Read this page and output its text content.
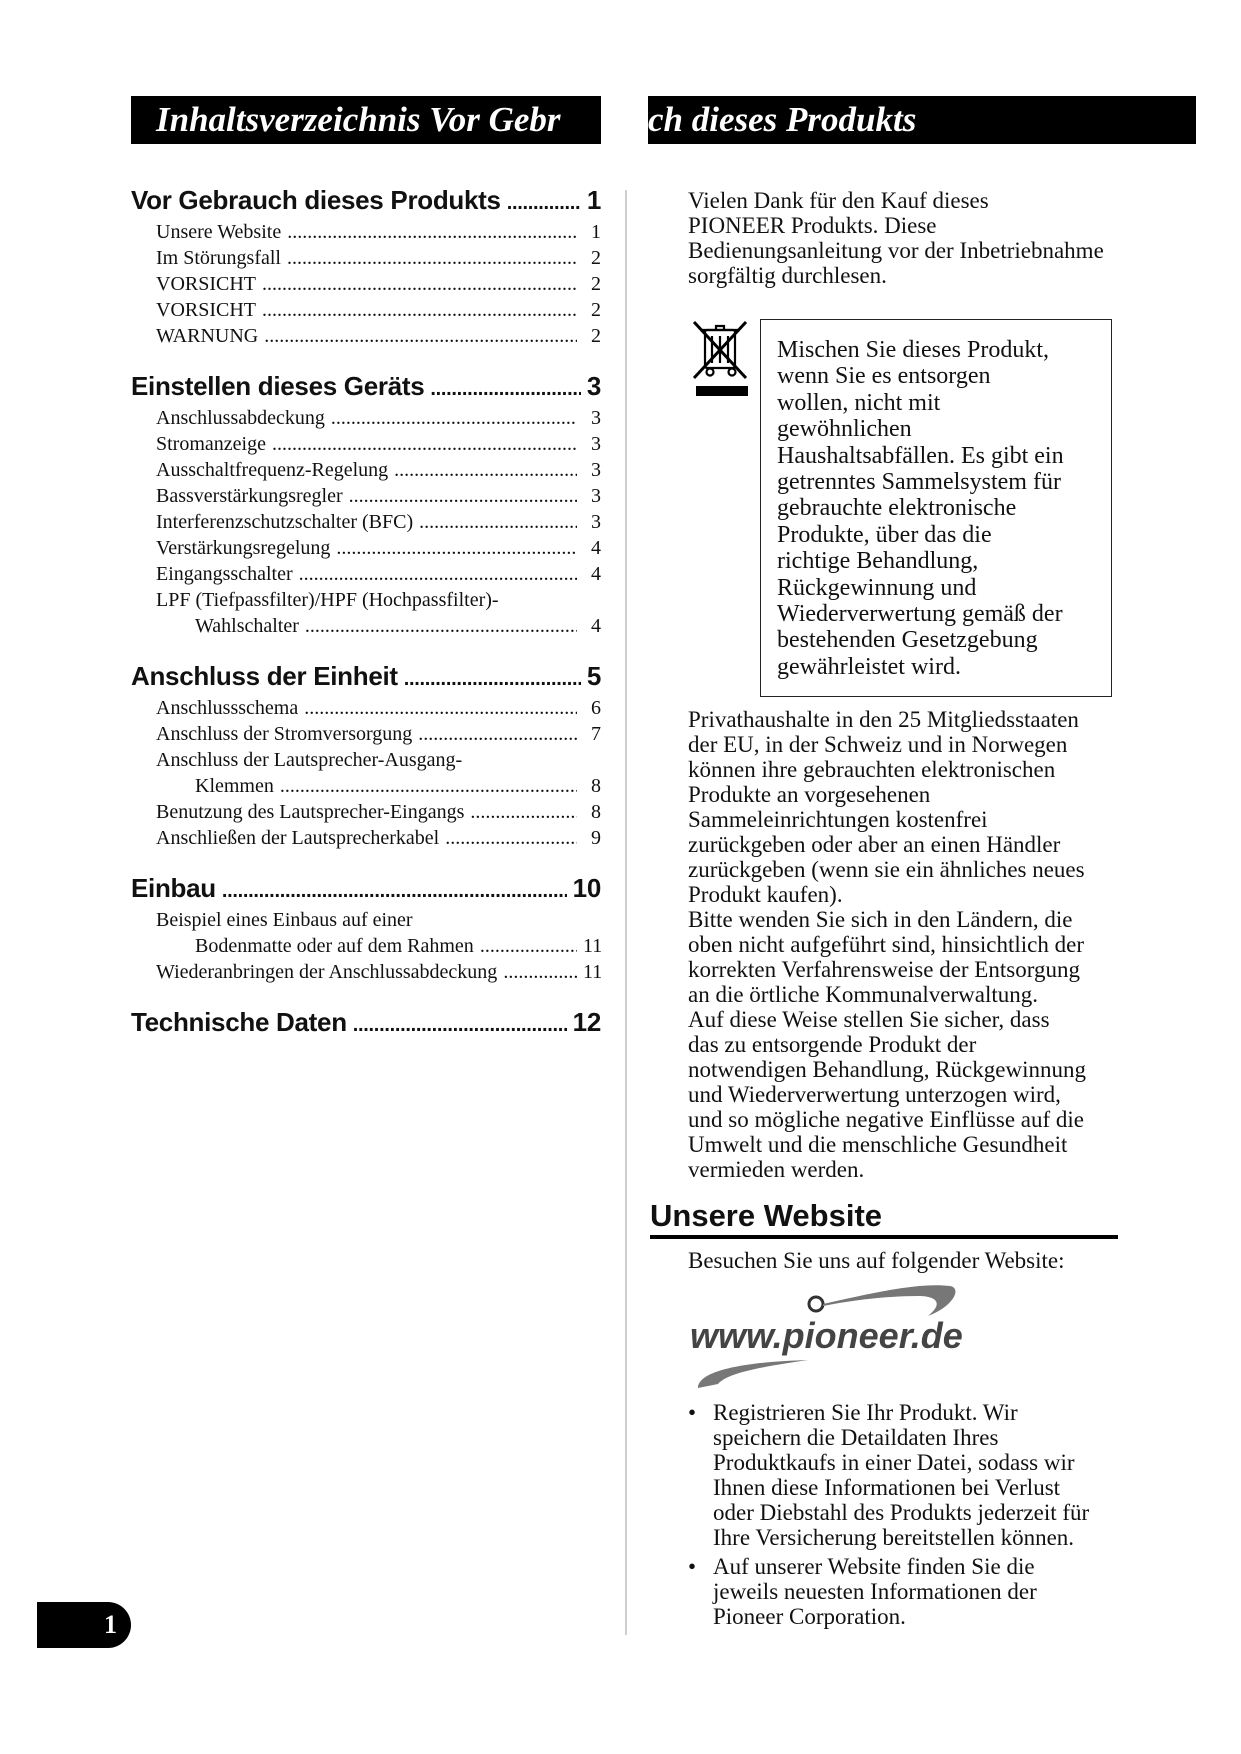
Inhaltsverzeichnis Vor Gebr	ch dieses Produkts
Vor Gebrauch dieses Produkts .....	1
Unsere Website .....	1
Im Störungsfall .....	2
VORSICHT .....	2
VORSICHT .....	2
WARNUNG .....	2
Einstellen dieses Geräts .....	3
Anschlussabdeckung .....	3
Stromanzeige .....	3
Ausschaltfrequenz-Regelung .....	3
Bassverstärkungsregler .....	3
Interferenzschutzschalter (BFC) .....	3
Verstärkungsregelung .....	4
Eingangsschalter .....	4
LPF (Tiefpassfilter)/HPF (Hochpassfilter)-
Wahlschalter .....	4
Anschluss der Einheit .....	5
Anschlussschema .....	6
Anschluss der Stromversorgung .....	7
Anschluss der Lautsprecher-Ausgang-
Klemmen .....	8
Benutzung des Lautsprecher-Eingangs .....	8
Anschließen der Lautsprecherkabel .....	9
Einbau .....	10
Beispiel eines Einbaus auf einer
Bodenmatte oder auf dem Rahmen .....	11
Wiederanbringen der Anschlussabdeckung .....	11
Technische Daten .....	12
Vielen Dank für den Kauf dieses
PIONEER Produkts. Diese
Bedienungsanleitung vor der Inbetriebnahme
sorgfältig durchlesen.
Mischen Sie dieses Produkt,
wenn Sie es entsorgen
wollen, nicht mit
gewöhnlichen
Haushaltsabfällen. Es gibt ein
getrenntes Sammelsystem für
gebrauchte elektronische
Produkte, über das die
richtige Behandlung,
Rückgewinnung und
Wiederverwertung gemäß der
bestehenden Gesetzgebung
gewährleistet wird.
Privathaushalte in den 25 Mitgliedsstaaten
der EU, in der Schweiz und in Norwegen
können ihre gebrauchten elektronischen
Produkte an vorgesehenen
Sammeleinrichtungen kostenfrei
zurückgeben oder aber an einen Händler
zurückgeben (wenn sie ein ähnliches neues
Produkt kaufen).
Bitte wenden Sie sich in den Ländern, die
oben nicht aufgeführt sind, hinsichtlich der
korrekten Verfahrensweise der Entsorgung
an die örtliche Kommunalverwaltung.
Auf diese Weise stellen Sie sicher, dass
das zu entsorgende Produkt der
notwendigen Behandlung, Rückgewinnung
und Wiederverwertung unterzogen wird,
und so mögliche negative Einflüsse auf die
Umwelt und die menschliche Gesundheit
vermieden werden.
Unsere Website
Besuchen Sie uns auf folgender Website:
www.pioneer.de
• Registrieren Sie Ihr Produkt. Wir
speichern die Detaildaten Ihres
Produktkaufs in einer Datei, sodass wir
Ihnen diese Informationen bei Verlust
oder Diebstahl des Produkts jederzeit für
Ihre Versicherung bereitstellen können.
• Auf unserer Website finden Sie die
jeweils neuesten Informationen der
Pioneer Corporation.
1
